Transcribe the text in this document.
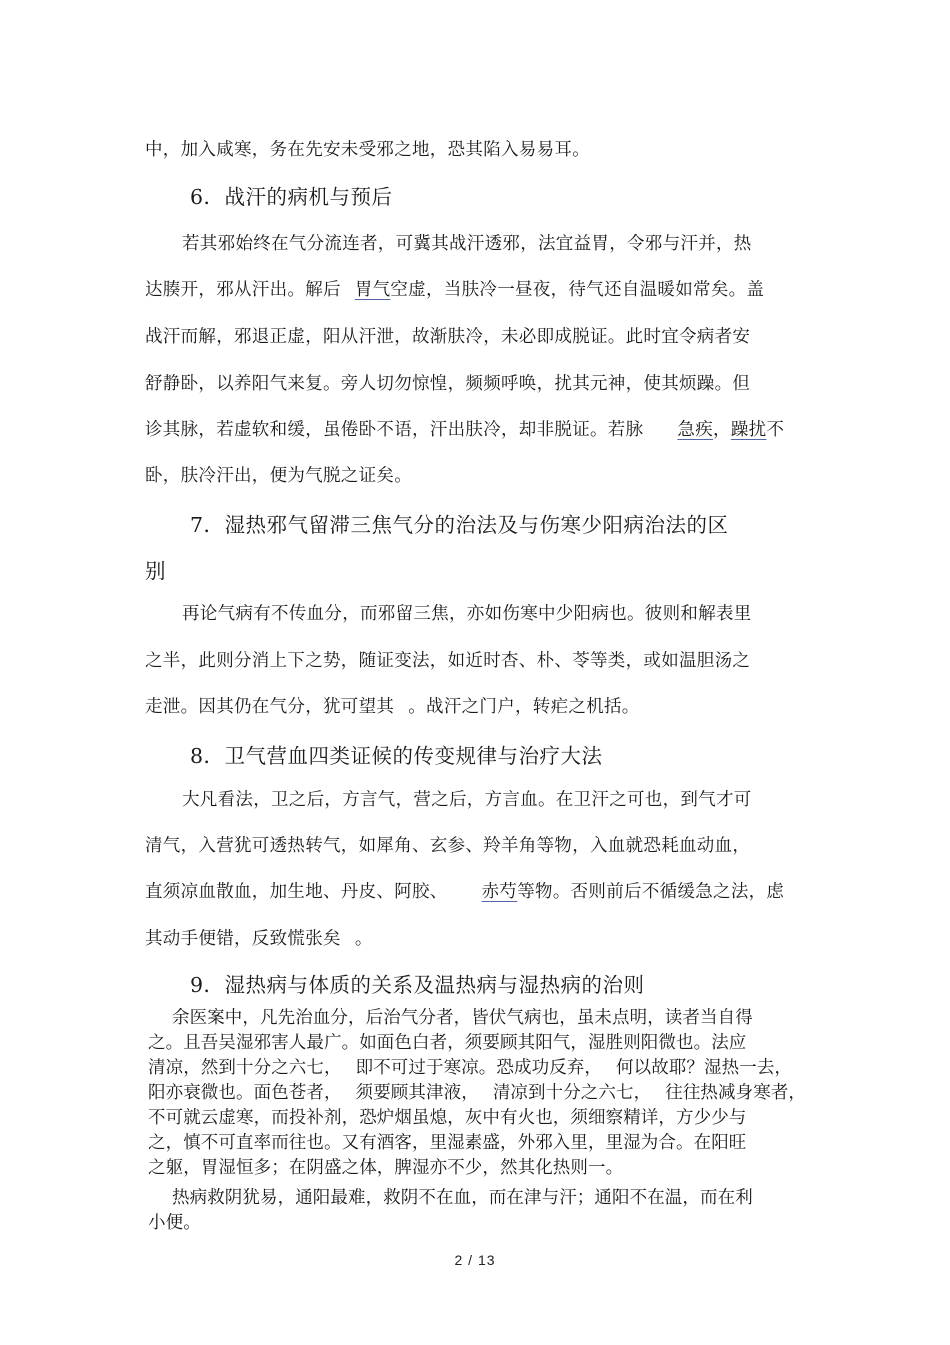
中，加入咸寒，务在先安未受邪之地，恐其陷入易易耳。

6．战汗的病机与预后

若其邪始终在气分流连者，可冀其战汗透邪，法宜益胃，令邪与汗并，热

达腠开，邪从汗出。解后 胃气空虚，当肤冷一昼夜，待气还自温暖如常矣。盖

战汗而解，邪退正虚，阳从汗泄，故渐肤冷，未必即成脱证。此时宜令病者安

舒静卧，以养阳气来复。旁人切勿惊惶，频频呼唤，扰其元神，使其烦躁。但

诊其脉，若虚软和缓，虽倦卧不语，汗出肤冷，却非脱证。若脉 急疾，躁扰不

卧，肤冷汗出，便为气脱之证矣。

7．湿热邪气留滞三焦气分的治法及与伤寒少阳病治法的区
别

再论气病有不传血分，而邪留三焦，亦如伤寒中少阳病也。彼则和解表里

之半，此则分消上下之势，随证变法，如近时杏、朴、苓等类，或如温胆汤之

走泄。因其仍在气分，犹可望其 。战汗之门户，转疟之机括。

8．卫气营血四类证候的传变规律与治疗大法

大凡看法，卫之后，方言气，营之后，方言血。在卫汗之可也，到气才可

清气，入营犹可透热转气，如犀角、玄参、羚羊角等物，入血就恐耗血动血，

直须凉血散血，加生地、丹皮、阿胶、 赤芍等物。否则前后不循缓急之法，虑

其动手便错，反致慌张矣 。

9．湿热病与体质的关系及温热病与湿热病的治则

余医案中，凡先治血分，后治气分者，皆伏气病也，虽未点明，读者当自得

之。且吾吴湿邪害人最广。如面色白者，须要顾其阳气，湿胜则阳微也。法应

清凉，然到十分之六七， 即不可过于寒凉。恐成功反弃， 何以故耶？湿热一去，

阳亦衰微也。面色苍者， 须要顾其津液， 清凉到十分之六七， 往往热减身寒者，

不可就云虚寒，而投补剂，恐炉烟虽熄，灰中有火也，须细察精详，方少少与

之，慎不可直率而往也。又有酒客，里湿素盛，外邪入里，里湿为合。在阳旺

之躯，胃湿恒多；在阴盛之体，脾湿亦不少，然其化热则一。

热病救阴犹易，通阳最难，救阴不在血，而在津与汗；通阳不在温，而在利

小便。

2 / 13
